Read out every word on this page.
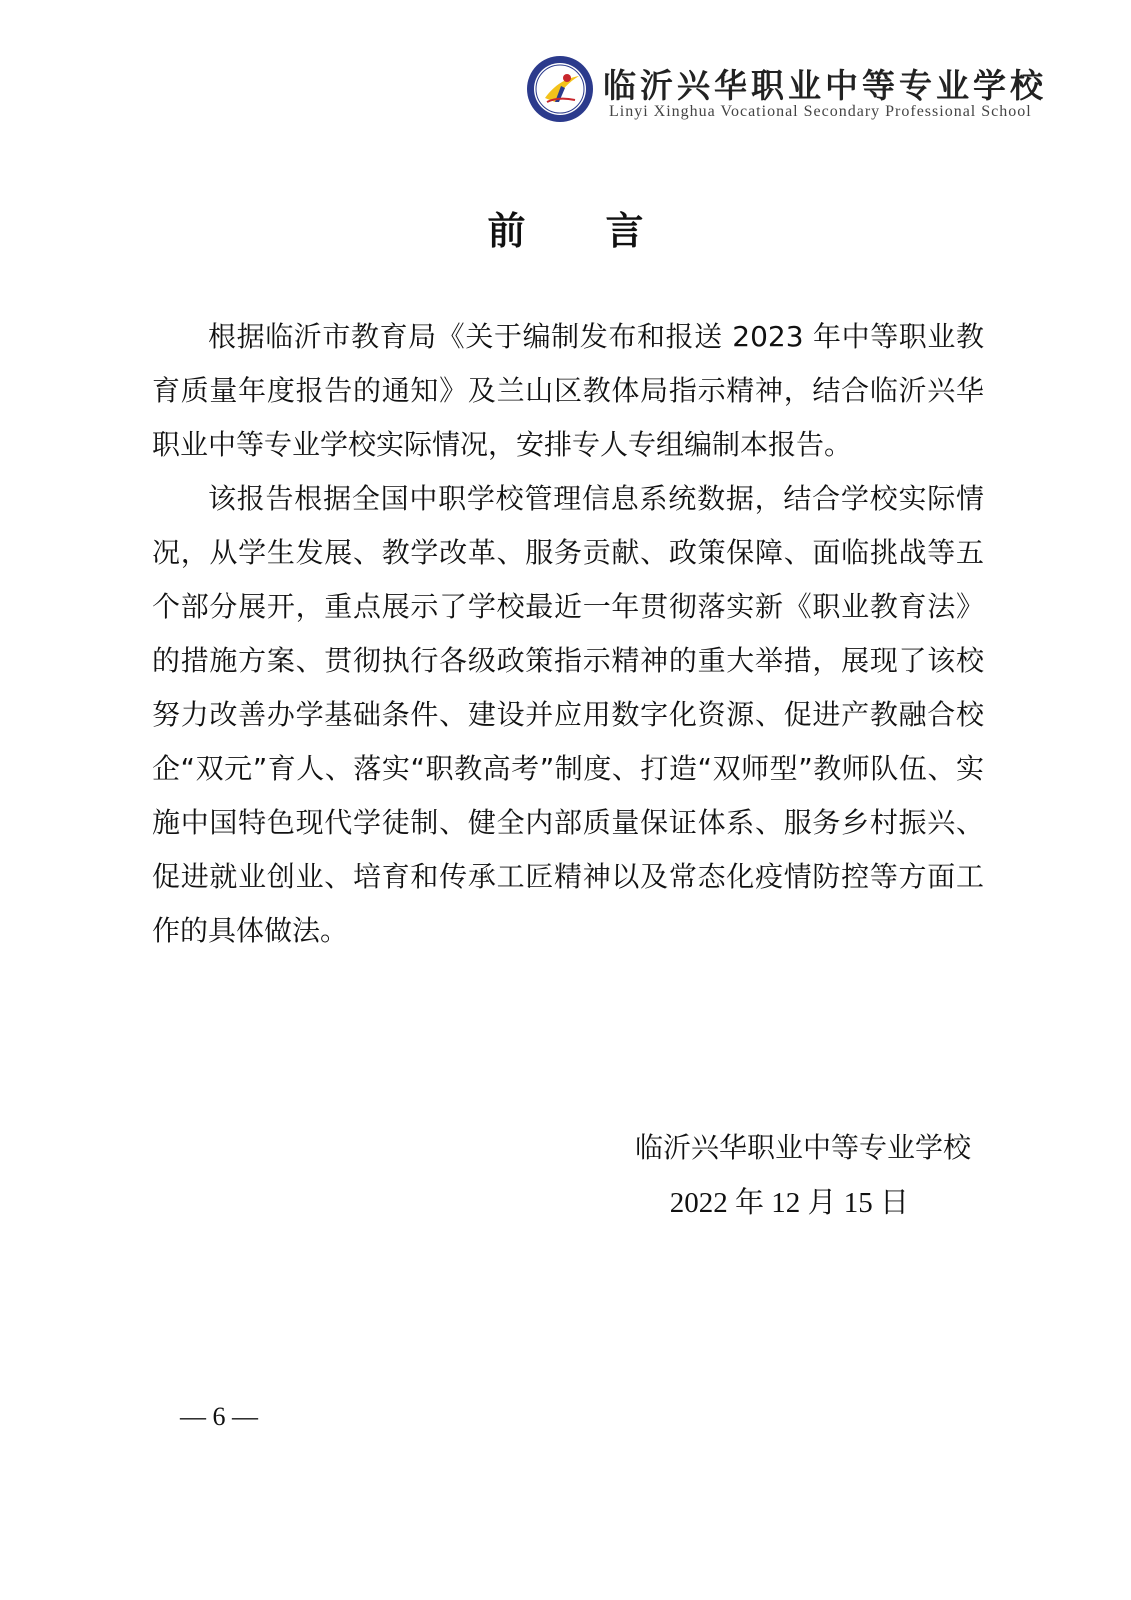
临沂兴华职业中等专业学校
Linyi Xinghua Vocational Secondary Professional School
前言

根据临沂市教育局《关于编制发布和报送 2023 年中等职业教育质量年度报告的通知》及兰山区教体局指示精神，结合临沂兴华职业中等专业学校实际情况，安排专人专组编制本报告。

该报告根据全国中职学校管理信息系统数据，结合学校实际情况，从学生发展、教学改革、服务贡献、政策保障、面临挑战等五个部分展开，重点展示了学校最近一年贯彻落实新《职业教育法》的措施方案、贯彻执行各级政策指示精神的重大举措，展现了该校努力改善办学基础条件、建设并应用数字化资源、促进产教融合校企“双元”育人、落实“职教高考”制度、打造“双师型”教师队伍、实施中国特色现代学徒制、健全内部质量保证体系、服务乡村振兴、促进就业创业、培育和传承工匠精神以及常态化疫情防控等方面工作的具体做法。

临沂兴华职业中等专业学校
2022 年 12 月 15 日
— 6 —
